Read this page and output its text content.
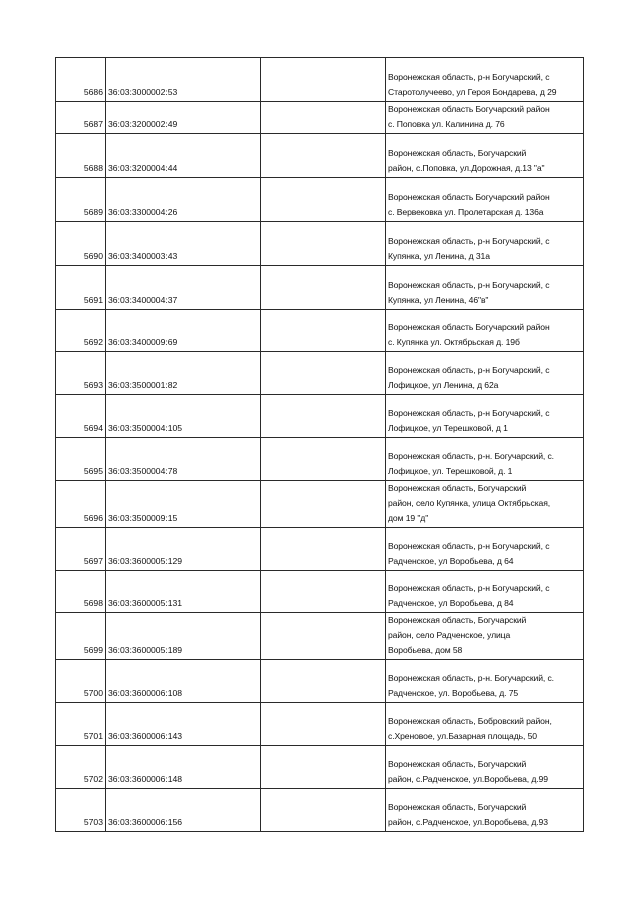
5686	36:03:3000002:53		Воронежская область, р-н Богучарский, с
Старотолучеево, ул Героя Бондарева, д 29

5687	36:03:3200002:49		Воронежская область Богучарский район
с. Поповка ул. Калинина д. 76

5688	36:03:3200004:44		Воронежская область, Богучарский
район, с.Поповка, ул.Дорожная, д.13 "а"

5689	36:03:3300004:26		Воронежская область Богучарский район
с. Вервековка ул. Пролетарская д. 136а

5690	36:03:3400003:43		Воронежская область, р-н Богучарский, с
Купянка, ул Ленина, д 31а

5691	36:03:3400004:37		Воронежская область, р-н Богучарский, с
Купянка, ул Ленина, 46"в"

5692	36:03:3400009:69		Воронежская область Богучарский район
с. Купянка ул. Октябрьская д. 19б

5693	36:03:3500001:82		Воронежская область, р-н Богучарский, с
Лофицкое, ул Ленина, д 62а

5694	36:03:3500004:105		Воронежская область, р-н Богучарский, с
Лофицкое, ул Терешковой, д 1

5695	36:03:3500004:78		Воронежская область, р-н. Богучарский, с.
Лофицкое, ул. Терешковой, д. 1

5696	36:03:3500009:15		Воронежская область, Богучарский
район, село Купянка, улица Октябрьская,
дом 19 "д"

5697	36:03:3600005:129		Воронежская область, р-н Богучарский, с
Радченское, ул Воробьева, д 64

5698	36:03:3600005:131		Воронежская область, р-н Богучарский, с
Радченское, ул Воробьева, д 84

5699	36:03:3600005:189		Воронежская область, Богучарский
район, село Радченское, улица
Воробьева, дом 58

5700	36:03:3600006:108		Воронежская область, р-н. Богучарский, с.
Радченское, ул. Воробьева, д. 75

5701	36:03:3600006:143		Воронежская область, Бобровский район,
с.Хреновое, ул.Базарная площадь, 50

5702	36:03:3600006:148		Воронежская область, Богучарский
район, с.Радченское, ул.Воробьева, д.99

5703	36:03:3600006:156		Воронежская область, Богучарский
район, с.Радченское, ул.Воробьева, д.93
